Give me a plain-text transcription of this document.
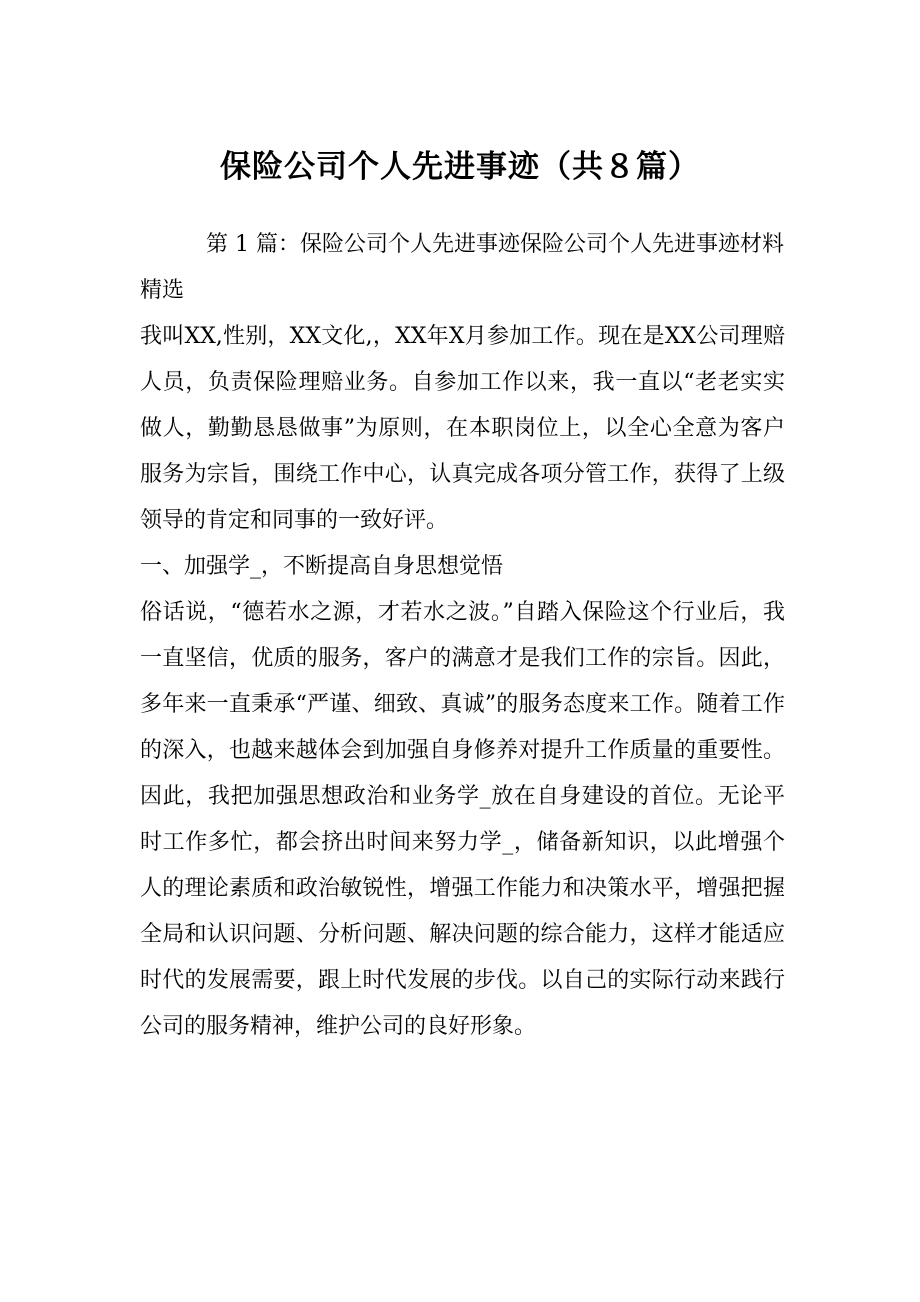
保险公司个人先进事迹（共８篇）

第 1 篇：保险公司个人先进事迹保险公司个人先进事迹材料

精选

我叫XX,性别，XX文化,，XX年X月参加工作。现在是XX公司理赔人员，负责保险理赔业务。自参加工作以来，我一直以“老老实实做人，勤勤恳恳做事”为原则，在本职岗位上，以全心全意为客户服务为宗旨，围绕工作中心，认真完成各项分管工作，获得了上级领导的肯定和同事的一致好评。

一、加强学_，不断提高自身思想觉悟

俗话说，“德若水之源，才若水之波。”自踏入保险这个行业后，我一直坚信，优质的服务，客户的满意才是我们工作的宗旨。因此，多年来一直秉承“严谨、细致、真诚”的服务态度来工作。随着工作的深入，也越来越体会到加强自身修养对提升工作质量的重要性。因此，我把加强思想政治和业务学_放在自身建设的首位。无论平时工作多忙，都会挤出时间来努力学_，储备新知识，以此增强个人的理论素质和政治敏锐性，增强工作能力和决策水平，增强把握全局和认识问题、分析问题、解决问题的综合能力，这样才能适应时代的发展需要，跟上时代发展的步伐。以自己的实际行动来践行公司的服务精神，维护公司的良好形象。
